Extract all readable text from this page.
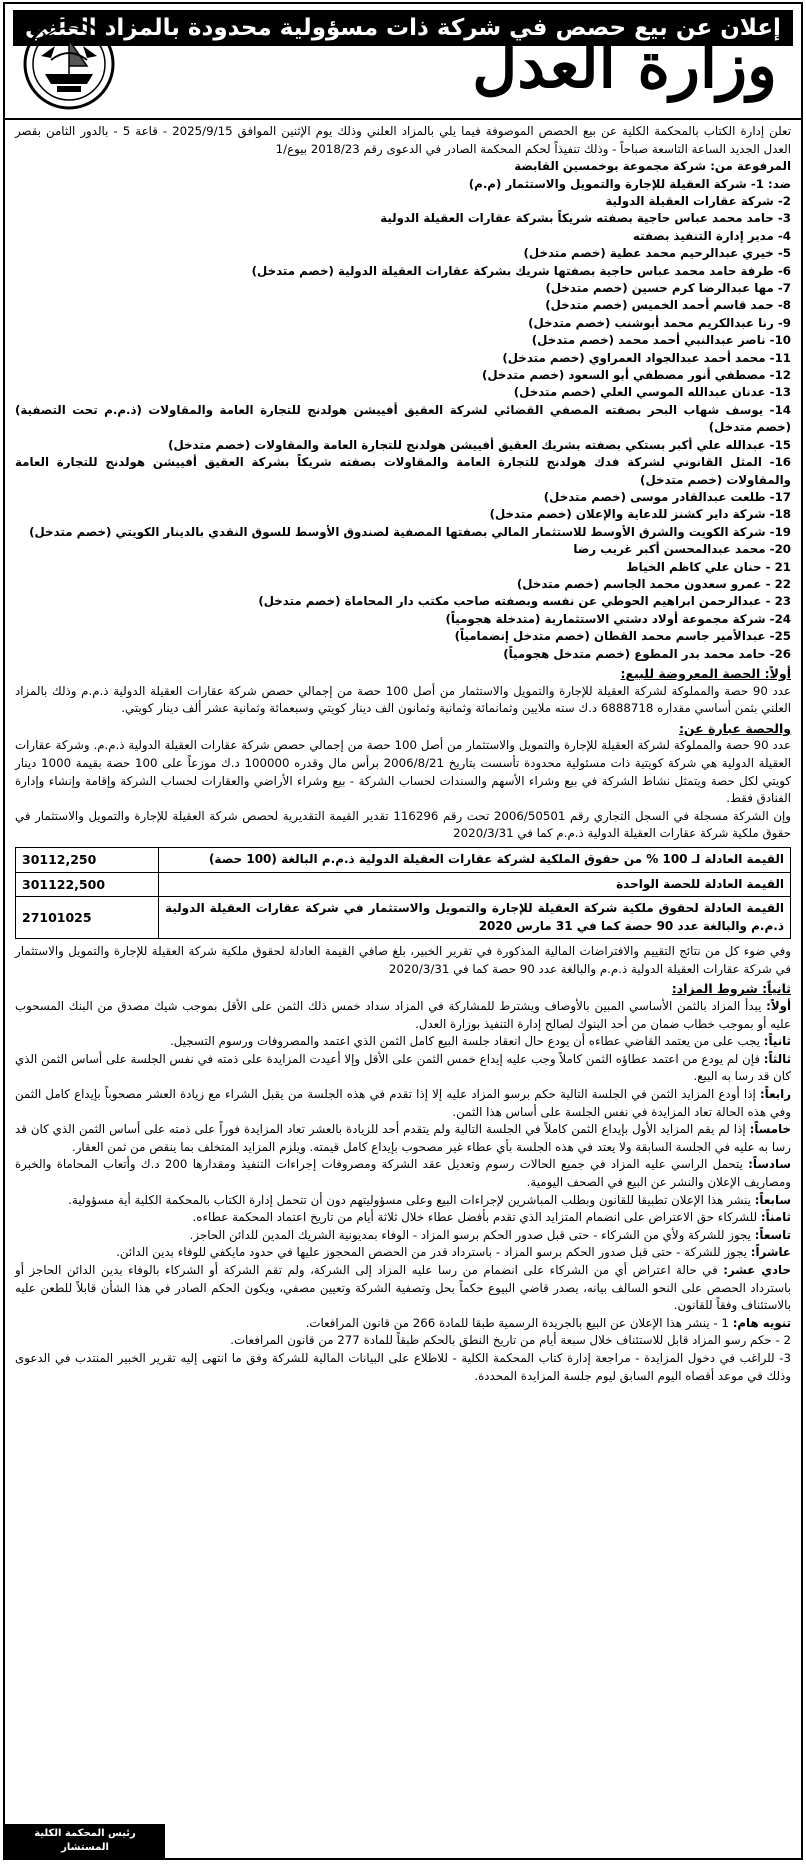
وزارة العدل
إعلان عن بيع حصص في شركة ذات مسؤولية محدودة بالمزاد العلني

تعلن إدارة الكتاب بالمحكمة الكلية عن بيع الحصص الموصوفة فيما يلي بالمزاد العلني وذلك يوم الإثنين الموافق 2025/9/15 - قاعة 5 - بالدور الثامن بقصر العدل الجديد الساعة التاسعة صباحاً - وذلك تنفيذاً لحكم المحكمة الصادر في الدعوى رقم 2018/23 بيوع/1

المرفوعة من: شركة مجموعة بوخمسين القابضة

ضد: 1- شركة العقيلة للإجارة والتمويل والاستثمار (م.م)

2- شركة عقارات العقيلة الدولية

3- حامد محمد عباس حاجية بصفته شريكاً بشركة عقارات العقيلة الدولية

4- مدير إدارة التنفيذ بصفته

5- خيري عبدالرحيم محمد عطية (خصم متدخل)

6- طرفة حامد محمد عباس حاجية بصفتها شريك بشركة عقارات العقيلة الدولية (خصم متدخل)

7- مها عبدالرضا كرم حسين (خصم متدخل)

8- حمد قاسم أحمد الخميس (خصم متدخل)

9- رنا عبدالكريم محمد أبوشنب (خصم متدخل)

10- ناصر عبدالنبي أحمد محمد (خصم متدخل)

11- محمد أحمد عبدالجواد العمراوي (خصم متدخل)

12- مصطفي أنور مصطفي أبو السعود (خصم متدخل)

13- عدنان عبدالله الموسي العلي (خصم متدخل)

14- يوسف شهاب البحر بصفته المصفي القضائي لشركة العقيق أفييشن هولدنج للتجارة العامة والمقاولات (ذ.م.م تحت التصفية) (خصم متدخل)

15- عبدالله علي أكبر بستكي بصفته بشريك العقيق أفييشن هولدنج للتجارة العامة والمقاولات (خصم متدخل)

16- المثل القانوني لشركة فدك هولدنج للتجارة العامة والمقاولات بصفته شريكاً بشركة العقيق أفييشن هولدنج للتجارة العامة والمقاولات (خصم متدخل)

17- طلعت عبدالقادر موسى (خصم متدخل)

18- شركة داير كشنز للدعاية والإعلان (خصم متدخل)

19- شركة الكويت والشرق الأوسط للاستثمار المالي بصفتها المصفية لصندوق الأوسط للسوق النقدي بالدينار الكويتي (خصم متدخل)

20- محمد عبدالمحسن أكبر غريب رضا

21 - حنان علي كاظم الخياط

22 - عمرو سعدون محمد الجاسم (خصم متدخل)

23 - عبدالرحمن ابراهيم الحوطي عن نفسه وبصفته صاحب مكتب دار المحاماة (خصم متدخل)

24- شركة مجموعة أولاد دشتي الاستثمارية (متدخلة هجومياً)

25- عبدالأمير جاسم محمد القطان (خصم متدخل إنضمامياً)

26- حامد محمد بدر المطوع (خصم متدخل هجومياً)

أولاً: الحصة المعروضة للبيع:

عدد 90 حصة والمملوكة لشركة العقيلة للإجارة والتمويل والاستثمار من أصل 100 حصة من إجمالي حصص شركة عقارات العقيلة الدولية ذ.م.م وذلك بالمزاد العلني بثمن أساسي مقداره 6888718 د.ك سته ملايين وثمانمائة وثمانية وثمانون الف دينار كويتي وسبعمائة وثمانية عشر ألف دينار كويتي.

والحصة عبارة عن:

عدد 90 حصة والمملوكة لشركة العقيلة للإجارة والتمويل والاستثمار من أصل 100 حصة من إجمالي حصص شركة عقارات العقيلة الدولية ذ.م.م. وشركة عقارات العقيلة الدولية هي شركة كويتية ذات مسئولية محدودة تأسست بتاريخ 2006/8/21 برأس مال وقدره 100000 د.ك موزعاً على 100 حصة بقيمة 1000 دينار كويتي لكل حصة ويتمثل نشاط الشركة في بيع وشراء الأسهم والسندات لحساب الشركة - بيع وشراء الأراضي والعقارات لحساب الشركة وإقامة وإنشاء وإدارة الفنادق فقط.

وإن الشركة مسجلة في السجل التجاري رقم 2006/50501 تحت رقم 116296 تقدير القيمة التقديرية لحصص شركة العقيلة للإجارة والتمويل والاستثمار في حقوق ملكية شركة عقارات العقيلة الدولية ذ.م.م كما في 2020/3/31

القيمة العادلة لـ 100 % من حقوق الملكية لشركة عقارات العقيلة الدولية ذ.م.م البالغة (100 حصة)	30112,250
القيمة العادلة للحصة الواحدة	301122,500
القيمة العادلة لحقوق ملكية شركة العقيلة للإجارة والتمويل والاستثمار في شركة عقارات العقيلة الدولية ذ.م.م والبالغة عدد 90 حصة كما في 31 مارس 2020	27101025

وفي ضوء كل من نتائج التقييم والافتراضات المالية المذكورة في تقرير الخبير، بلغ صافي القيمة العادلة لحقوق ملكية شركة العقيلة للإجارة والتمويل والاستثمار في شركة عقارات العقيلة الدولية ذ.م.م والبالغة عدد 90 حصة كما في 2020/3/31

ثانياً: شروط المزاد:

أولاً: يبدأ المزاد بالثمن الأساسي المبين بالأوصاف ويشترط للمشاركة في المزاد سداد خمس ذلك الثمن على الأقل بموجب شيك مصدق من البنك المسحوب عليه أو بموجب خطاب ضمان من أحد البنوك لصالح إدارة التنفيذ بوزارة العدل.

ثانياً: يجب على من يعتمد القاضي عطاءه أن يودع حال انعقاد جلسة البيع كامل الثمن الذي اعتمد والمصروفات ورسوم التسجيل.

ثالثاً: فإن لم يودع من اعتمد عطاؤه الثمن كاملاً وجب عليه إيداع خمس الثمن على الأقل وإلا أعيدت المزايدة على ذمته في نفس الجلسة على أساس الثمن الذي كان قد رسا به البيع.

رابعاً: إذا أودع المزايد الثمن في الجلسة التالية حكم برسو المزاد عليه إلا إذا تقدم في هذه الجلسة من يقبل الشراء مع زيادة العشر مصحوباً بإيداع كامل الثمن وفي هذه الحالة تعاد المزايدة في نفس الجلسة على أساس هذا الثمن.

خامساً: إذا لم يقم المزايد الأول بإيداع الثمن كاملاً في الجلسة التالية ولم يتقدم أحد للزيادة بالعشر تعاد المزايدة فوراً على ذمته على أساس الثمن الذي كان قد رسا به عليه في الجلسة السابقة ولا يعتد في هذه الجلسة بأي عطاء غير مصحوب بإيداع كامل قيمته. ويلزم المزايد المتخلف بما ينقص من ثمن العقار.

سادساً: يتحمل الراسي عليه المزاد في جميع الحالات رسوم وتعديل عقد الشركة ومصروفات إجراءات التنفيذ ومقدارها 200 د.ك وأتعاب المحاماة والخبرة ومصاريف الإعلان والنشر عن البيع في الصحف اليومية.

سابعاً: ينشر هذا الإعلان تطبيقا للقانون وبطلب المباشرين لإجراءات البيع وعلى مسؤوليتهم دون أن تتحمل إدارة الكتاب بالمحكمة الكلية أية مسؤولية.

ثامناً: للشركاء حق الاعتراض على انضمام المتزايد الذي تقدم بأفضل عطاء خلال ثلاثة أيام من تاريخ اعتماد المحكمة عطاءه.

تاسعاً: يجوز للشركة ولأي من الشركاء - حتى قبل صدور الحكم برسو المزاد - الوفاء بمديونية الشريك المدين للدائن الحاجز.

عاشراً: يجوز للشركة - حتى قبل صدور الحكم برسو المزاد - باسترداد قدر من الحصص المحجوز عليها في حدود مايكفي للوفاء بدين الدائن.

حادي عشر: في حالة اعتراض أي من الشركاء على انضمام من رسا عليه المزاد إلى الشركة، ولم تقم الشركة أو الشركاء بالوفاء بدين الدائن الحاجز أو باسترداد الحصص على النحو السالف بيانه، يصدر قاضي البيوع حكماً بحل وتصفية الشركة وتعيين مصفي، ويكون الحكم الصادر في هذا الشأن قابلاً للطعن عليه بالاستئناف وفقاً للقانون.

تنويه هام: 1 - ينشر هذا الإعلان عن البيع بالجريدة الرسمية طبقا للمادة 266 من قانون المرافعات.

2 - حكم رسو المزاد قابل للاستئناف خلال سبعة أيام من تاريخ النطق بالحكم طبقاً للمادة 277 من قانون المرافعات.

3- للراغب في دخول المزايدة - مراجعة إدارة كتاب المحكمة الكلية - للاطلاع على البيانات المالية للشركة وفق ما انتهى إليه تقرير الخبير المنتدب في الدعوى وذلك في موعد أقصاه اليوم السابق ليوم جلسة المزايدة المحددة.

رئيس المحكمة الكلية
المستشار
